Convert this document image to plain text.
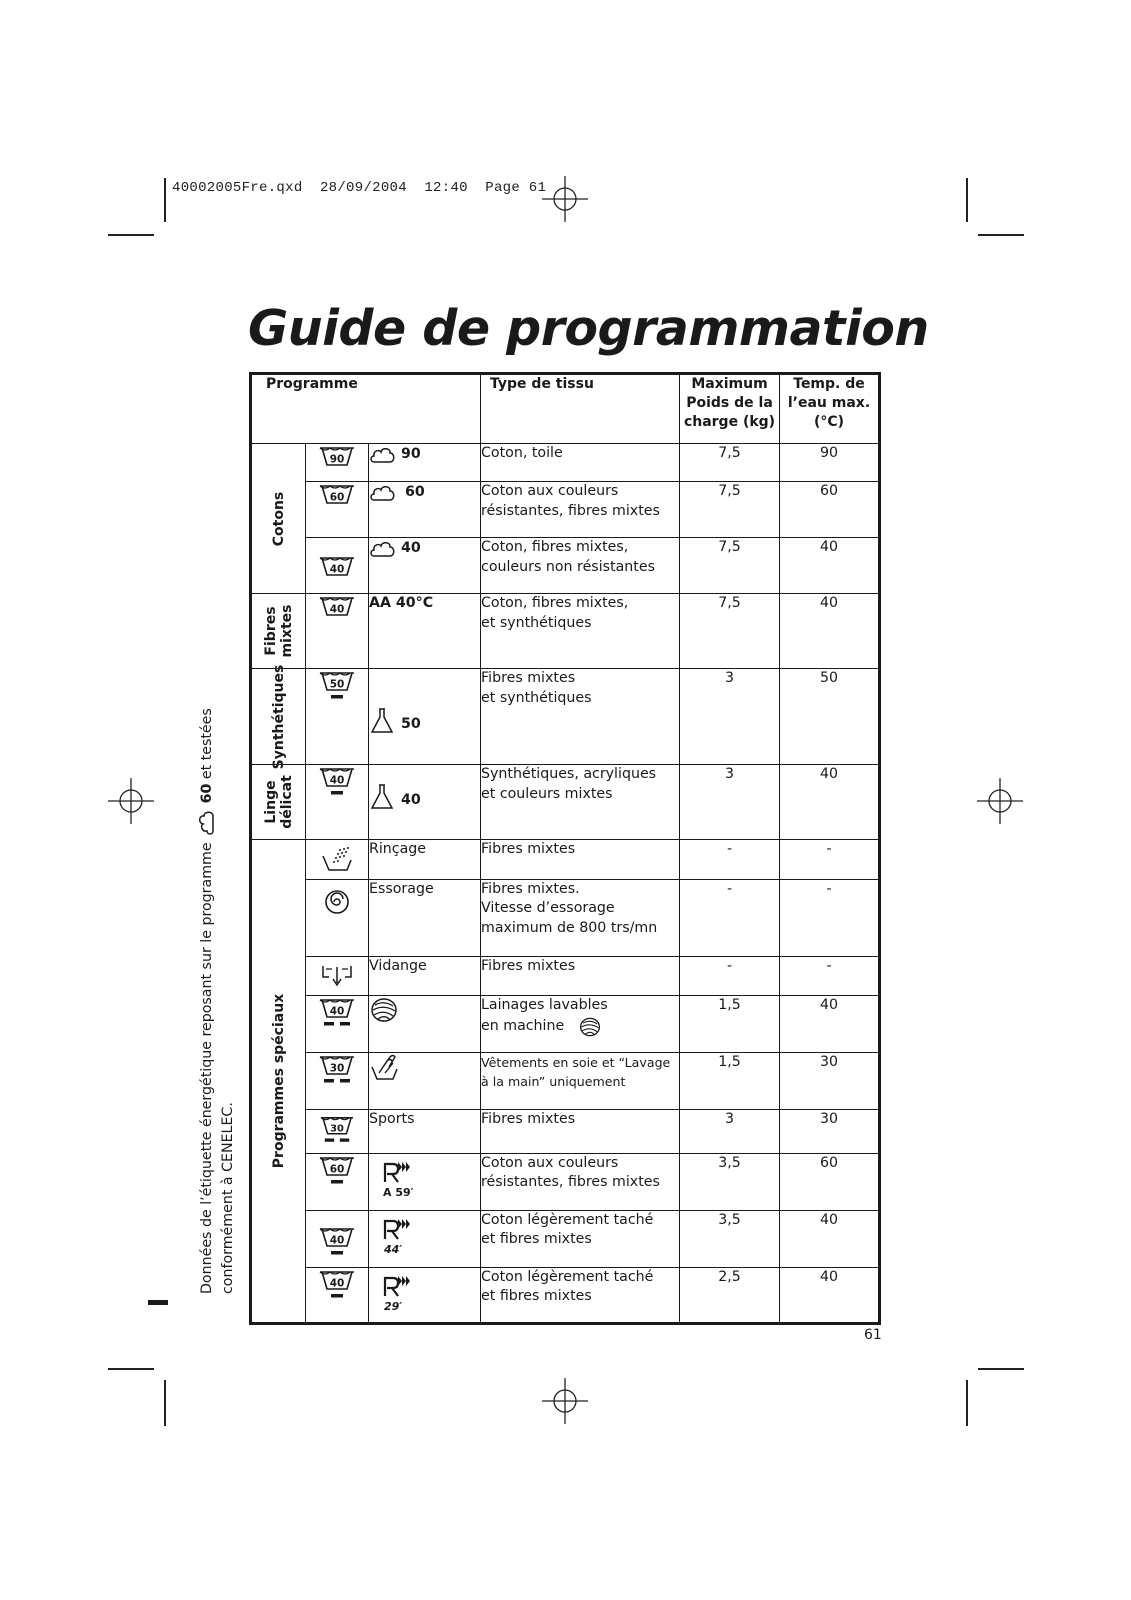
40002005Fre.qxd 28/09/2004 12:40 Page 61
Guide de programmation
Données de l’étiquette énergétique reposant sur le programme  60 et testées
conformément à CENELEC.
Programme			Type de tissu	Maximum
Poids de la
charge (kg)	Temp. de
l’eau max.
(°C)

Cotons	90	90	Coton, toile	7,5	90

60	60	Coton aux couleurs
résistantes, fibres mixtes	7,5	60

40	40	Coton, fibres mixtes,
couleurs non résistantes	7,5	40

Fibres mixtes	40	AA 40°C	Coton, fibres mixtes,
et synthétiques	7,5	40

Synthétiques	50	50	Fibres mixtes
et synthétiques	3	50

Linge délicat	40	40	Synthétiques, acryliques
et couleurs mixtes	3	40

Programmes spéciaux		Rinçage	Fibres mixtes	-	-
	Essorage	Fibres mixtes.
Vitesse d’essorage
maximum de 800 trs/mn	-	-
	Vidange	Fibres mixtes	-	-

40		Lainages lavables
en machine	1,5	40

30		Vêtements en soie et “Lavage
à la main” uniquement	1,5	30

30	Sports	Fibres mixtes	3	30

60	A 59′	Coton aux couleurs
résistantes, fibres mixtes	3,5	60

40	44′	Coton légèrement taché
et fibres mixtes	3,5	40

40	29′	Coton légèrement taché
et fibres mixtes	2,5	40
61
